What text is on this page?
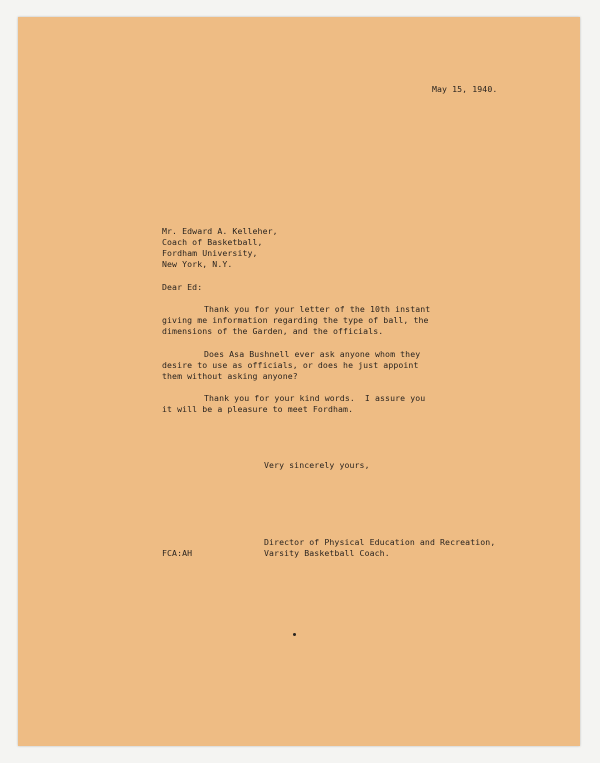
May 15, 1940.
Mr. Edward A. Kelleher,
Coach of Basketball,
Fordham University,
New York, N.Y.
Dear Ed:
Thank you for your letter of the 10th instant
giving me information regarding the type of ball, the
dimensions of the Garden, and the officials.
Does Asa Bushnell ever ask anyone whom they
desire to use as officials, or does he just appoint
them without asking anyone?
Thank you for your kind words.  I assure you
it will be a pleasure to meet Fordham.
Very sincerely yours,
Director of Physical Education and Recreation,
Varsity Basketball Coach.
FCA:AH
